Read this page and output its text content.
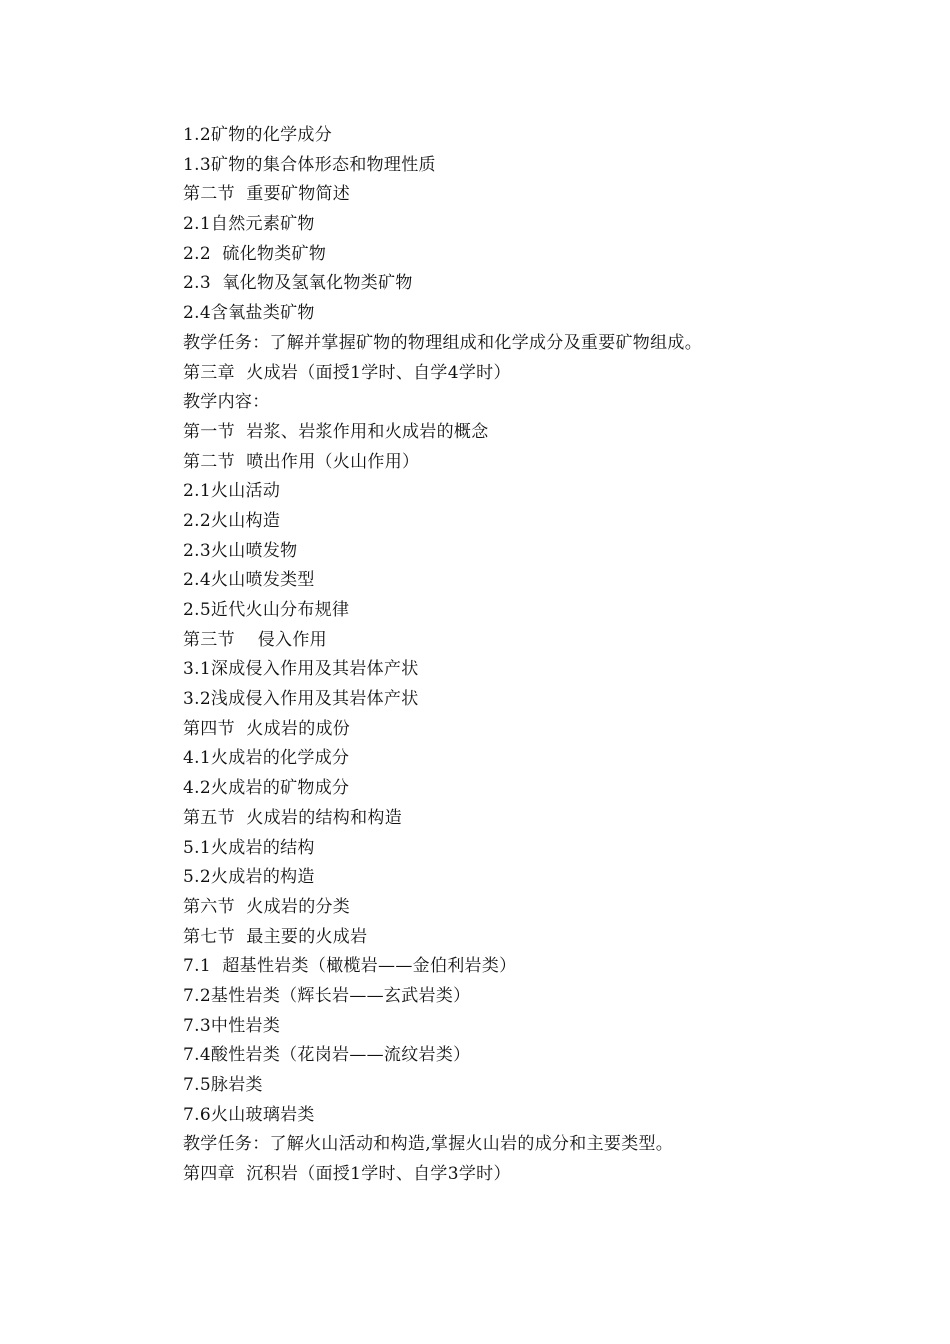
1.2矿物的化学成分
1.3矿物的集合体形态和物理性质
第二节  重要矿物简述
2.1自然元素矿物
2.2  硫化物类矿物
2.3  氧化物及氢氧化物类矿物
2.4含氧盐类矿物
教学任务：了解并掌握矿物的物理组成和化学成分及重要矿物组成。
第三章  火成岩（面授1学时、自学4学时）
教学内容：
第一节  岩浆、岩浆作用和火成岩的概念
第二节  喷出作用（火山作用）
2.1火山活动
2.2火山构造
2.3火山喷发物
2.4火山喷发类型
2.5近代火山分布规律
第三节    侵入作用
3.1深成侵入作用及其岩体产状
3.2浅成侵入作用及其岩体产状
第四节  火成岩的成份
4.1火成岩的化学成分
4.2火成岩的矿物成分
第五节  火成岩的结构和构造
5.1火成岩的结构
5.2火成岩的构造
第六节  火成岩的分类
第七节  最主要的火成岩
7.1  超基性岩类（橄榄岩——金伯利岩类）
7.2基性岩类（辉长岩——玄武岩类）
7.3中性岩类
7.4酸性岩类（花岗岩——流纹岩类）
7.5脉岩类
7.6火山玻璃岩类
教学任务：了解火山活动和构造,掌握火山岩的成分和主要类型。
第四章  沉积岩（面授1学时、自学3学时）
